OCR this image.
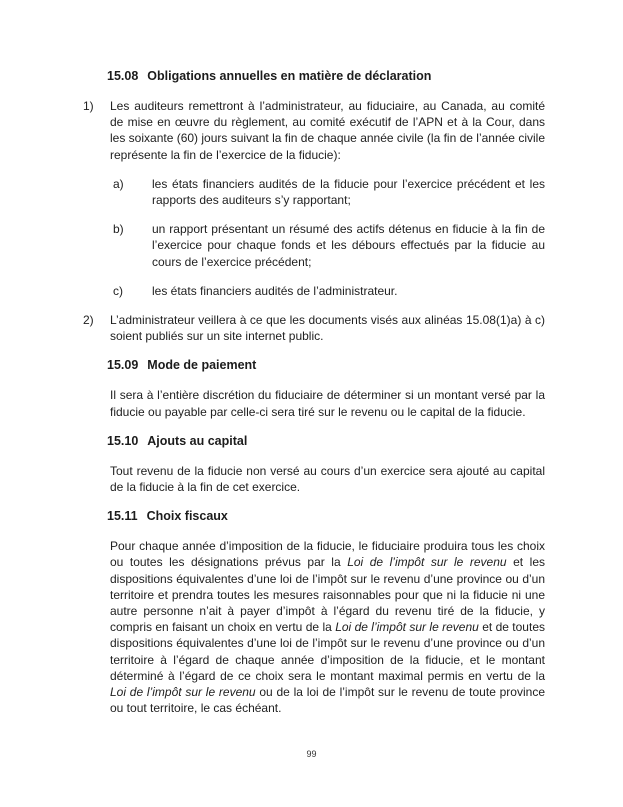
15.08 Obligations annuelles en matière de déclaration
1) Les auditeurs remettront à l’administrateur, au fiduciaire, au Canada, au comité de mise en œuvre du règlement, au comité exécutif de l’APN et à la Cour, dans les soixante (60) jours suivant la fin de chaque année civile (la fin de l’année civile représente la fin de l’exercice de la fiducie):
a) les états financiers audités de la fiducie pour l’exercice précédent et les rapports des auditeurs s’y rapportant;
b) un rapport présentant un résumé des actifs détenus en fiducie à la fin de l’exercice pour chaque fonds et les débours effectués par la fiducie au cours de l’exercice précédent;
c) les états financiers audités de l’administrateur.
2) L’administrateur veillera à ce que les documents visés aux alinéas 15.08(1)a) à c) soient publiés sur un site internet public.
15.09 Mode de paiement
Il sera à l’entière discrétion du fiduciaire de déterminer si un montant versé par la fiducie ou payable par celle-ci sera tiré sur le revenu ou le capital de la fiducie.
15.10 Ajouts au capital
Tout revenu de la fiducie non versé au cours d’un exercice sera ajouté au capital de la fiducie à la fin de cet exercice.
15.11 Choix fiscaux
Pour chaque année d’imposition de la fiducie, le fiduciaire produira tous les choix ou toutes les désignations prévus par la Loi de l’impôt sur le revenu et les dispositions équivalentes d’une loi de l’impôt sur le revenu d’une province ou d’un territoire et prendra toutes les mesures raisonnables pour que ni la fiducie ni une autre personne n’ait à payer d’impôt à l’égard du revenu tiré de la fiducie, y compris en faisant un choix en vertu de la Loi de l’impôt sur le revenu et de toutes dispositions équivalentes d’une loi de l’impôt sur le revenu d’une province ou d’un territoire à l’égard de chaque année d’imposition de la fiducie, et le montant déterminé à l’égard de ce choix sera le montant maximal permis en vertu de la Loi de l’impôt sur le revenu ou de la loi de l’impôt sur le revenu de toute province ou tout territoire, le cas échéant.
99
